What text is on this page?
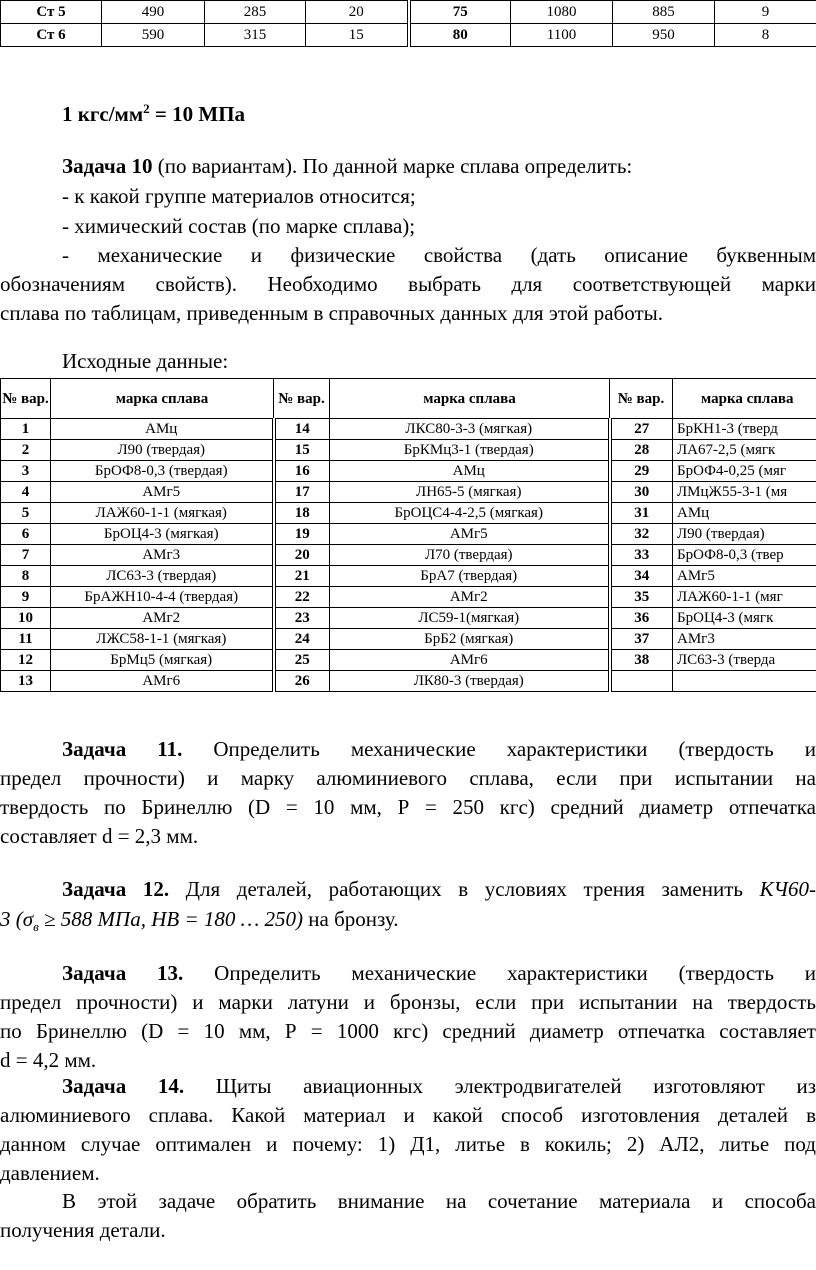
Ст 5	490	285	20	75	1080	885	9
Ст 6	590	315	15	80	1100	950	8
1 кгс/$мм^2 = 10$ МПа
Задача 10 (по вариантам). По данной марке сплава определить:
- к какой группе материалов относится;
- химический состав (по марке сплава);
- механические и физические свойства (дать описание буквенным
обозначениям свойств). Необходимо выбрать для соответствующей марки
сплава по таблицам, приведенным в справочных данных для этой работы.
Исходные данные:
№ вар.	марка сплава	№ вар.	марка сплава	№ вар.	марка сплава
1	АМц	14	ЛКС80-3-3 (мягкая)	27	БрКН1-3 (тверд
2	Л90 (твердая)	15	БрКМц3-1 (твердая)	28	ЛА67-2,5 (мягк
3	БрОФ8-0,3 (твердая)	16	АМц	29	БрОФ4-0,25 (мяг
4	АМг5	17	ЛН65-5 (мягкая)	30	ЛМцЖ55-3-1 (мя
5	ЛАЖ60-1-1 (мягкая)	18	БрОЦС4-4-2,5 (мягкая)	31	АМц
6	БрОЦ4-3 (мягкая)	19	АМг5	32	Л90 (твердая)
7	АМг3	20	Л70 (твердая)	33	БрОФ8-0,3 (твер
8	ЛС63-3 (твердая)	21	БрА7 (твердая)	34	АМг5
9	БрАЖН10-4-4 (твердая)	22	АМг2	35	ЛАЖ60-1-1 (мяг
10	АМг2	23	ЛС59-1(мягкая)	36	БрОЦ4-3 (мягк
11	ЛЖС58-1-1 (мягкая)	24	БрБ2 (мягкая)	37	АМг3
12	БрМц5 (мягкая)	25	АМг6	38	ЛС63-3 (тверда
13	АМг6	26	ЛК80-3 (твердая)		
Задача 11. Определить механические характеристики (твердость и
предел прочности) и марку алюминиевого сплава, если при испытании на
твердость по Бринеллю (D = 10 мм, Р = 250 кгс) средний диаметр отпечатка
составляет d = 2,3 мм.
Задача 12. Для деталей, работающих в условиях трения заменить КЧ60-
3 ($\sigma_в \ge 588$ МПа, НВ = 180 … 250) на бронзу.
Задача 13. Определить механические характеристики (твердость и
предел прочности) и марки латуни и бронзы, если при испытании на твердость
по Бринеллю (D = 10 мм, Р = 1000 кгс) средний диаметр отпечатка составляет
d = 4,2 мм.
Задача 14. Щиты авиационных электродвигателей изготовляют из
алюминиевого сплава. Какой материал и какой способ изготовления деталей в
данном случае оптимален и почему: 1) Д1, литье в кокиль; 2) АЛ2, литье под
давлением.
В этой задаче обратить внимание на сочетание материала и способа
получения детали.
